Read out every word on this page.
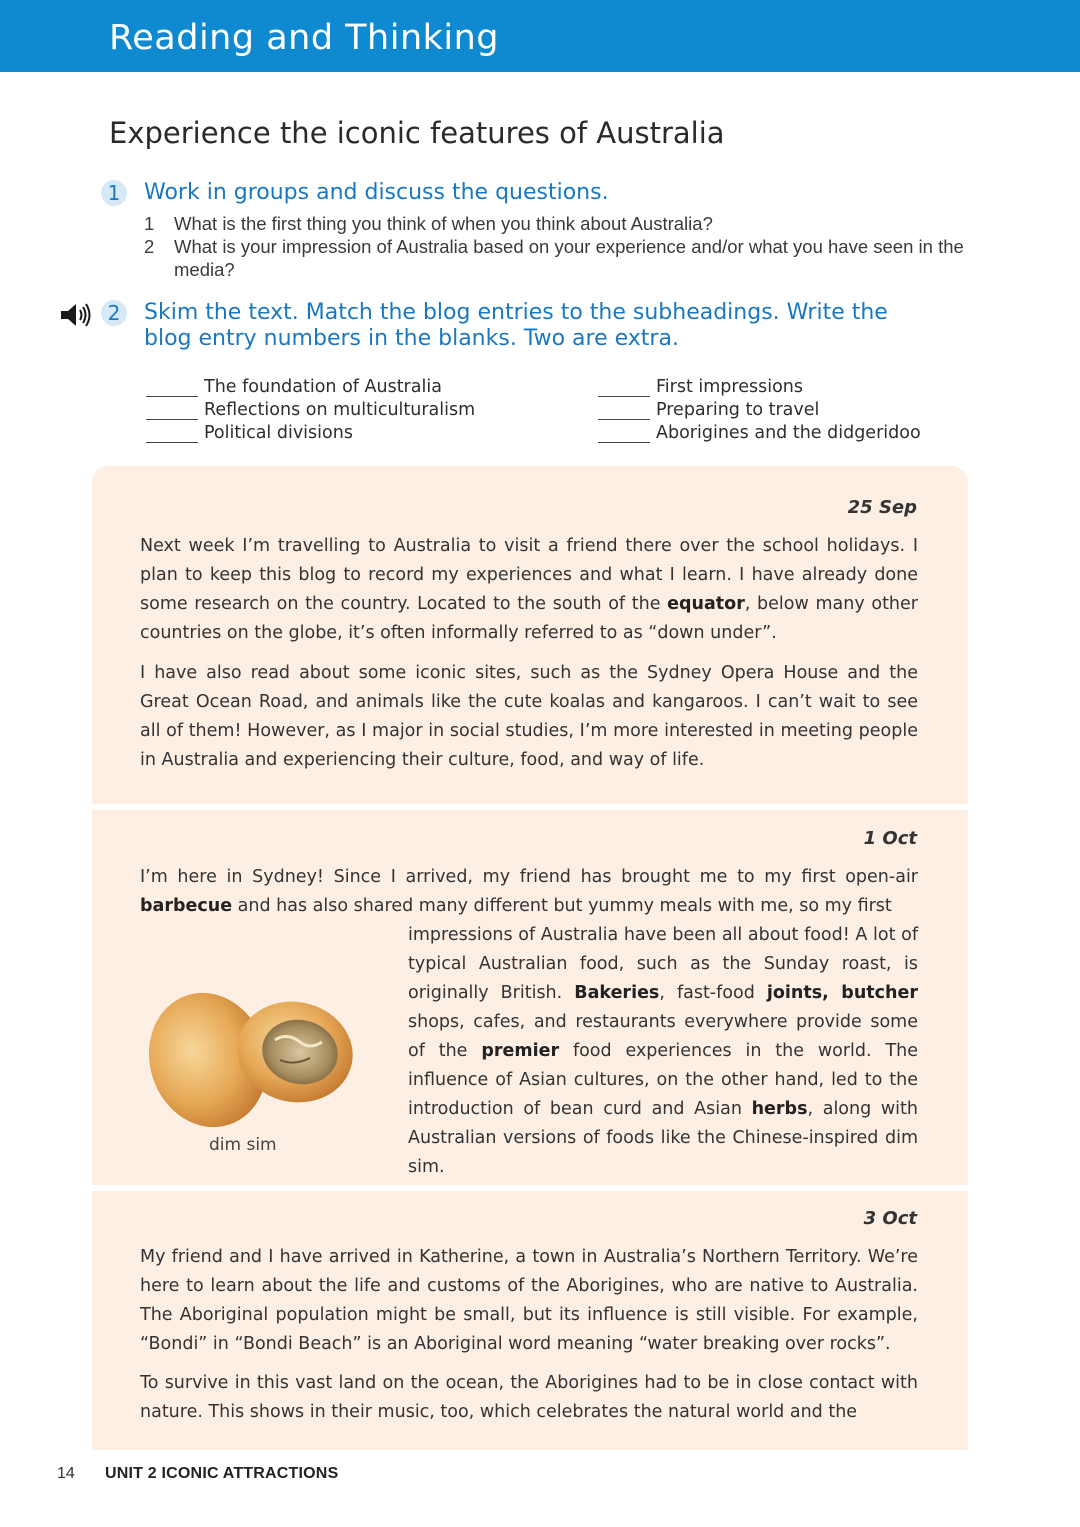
Reading and Thinking
Experience the iconic features of Australia
1	Work in groups and discuss the questions.
1	What is the first thing you think of when you think about Australia?
2	What is your impression of Australia based on your experience and/or what you have seen in the media?
2	Skim the text. Match the blog entries to the subheadings. Write the blog entry numbers in the blanks. Two are extra.
The foundation of Australia
Reflections on multiculturalism
Political divisions
First impressions
Preparing to travel
Aborigines and the didgeridoo
25 Sep

Next week I’m travelling to Australia to visit a friend there over the school holidays. I plan to keep this blog to record my experiences and what I learn. I have already done some research on the country. Located to the south of the equator, below many other countries on the globe, it’s often informally referred to as “down under”.

I have also read about some iconic sites, such as the Sydney Opera House and the Great Ocean Road, and animals like the cute koalas and kangaroos. I can’t wait to see all of them! However, as I major in social studies, I’m more interested in meeting people in Australia and experiencing their culture, food, and way of life.

1 Oct

I’m here in Sydney! Since I arrived, my friend has brought me to my first open-air barbecue and has also shared many different but yummy meals with me, so my first

impressions of Australia have been all about food! A lot of typical Australian food, such as the Sunday roast, is originally British. Bakeries, fast-food joints, butcher shops, cafes, and restaurants everywhere provide some of the premier food experiences in the world. The influence of Asian cultures, on the other hand, led to the introduction of bean curd and Asian herbs, along with Australian versions of foods like the Chinese-inspired dim sim.

dim sim
3 Oct

My friend and I have arrived in Katherine, a town in Australia’s Northern Territory. We’re here to learn about the life and customs of the Aborigines, who are native to Australia. The Aboriginal population might be small, but its influence is still visible. For example, “Bondi” in “Bondi Beach” is an Aboriginal word meaning “water breaking over rocks”.

To survive in this vast land on the ocean, the Aborigines had to be in close contact with nature. This shows in their music, too, which celebrates the natural world and the

14 UNIT 2 ICONIC ATTRACTIONS
